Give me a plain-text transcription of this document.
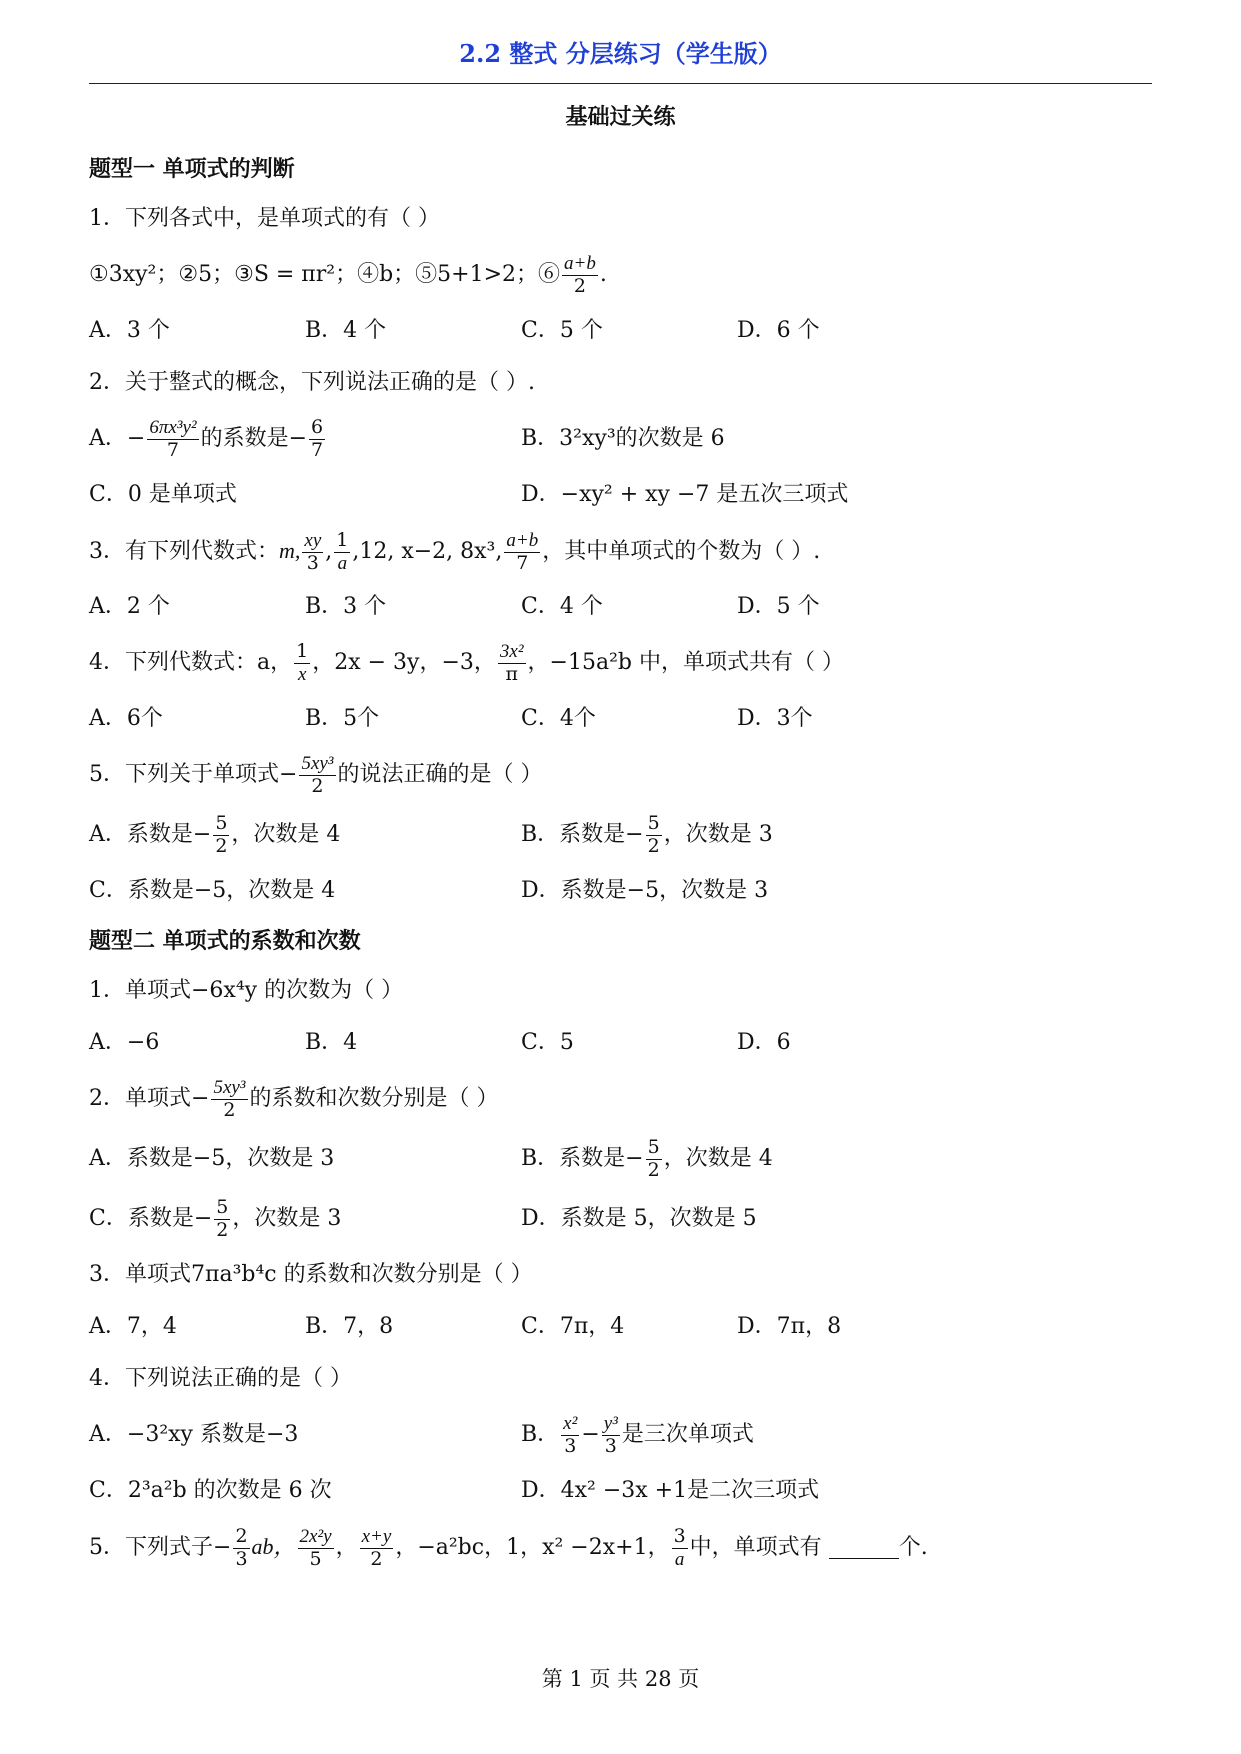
2.2 整式 分层练习（学生版）
基础过关练
题型一 单项式的判断
1．下列各式中，是单项式的有（ ）
①3xy²；②5；③S = πr²；④b；⑤5+1>2；⑥ $\frac{a+b}{2}$ .
A．3 个	B．4 个	C．5 个	D．6 个
2．关于整式的概念，下列说法正确的是（ ）.
A．− $\frac{\text{6πx³y²}}{7}$ 的系数是− $\frac{6}{7}$	B．3²xy³的次数是 6
C．0 是单项式	D．−xy² + xy −7 是五次三项式
3．有下列代数式：m, $\frac{xy}{3}$ , $\frac{1}{a} ,12$, x−2, 8x³, $\frac{a+b}{7}$ ，其中单项式的个数为（ ）.
A．2 个	B．3 个	C．4 个	D．5 个
4．下列代数式：a， $\frac{1}{x}$ ，2x − 3y，−3， $\frac{\text{3x²}}{\pi}$ ，−15a²b 中，单项式共有（ ）
A．6个	B．5个	C．4个	D．3个
5．下列关于单项式− $\frac{\text{5xy³}}{2}$ 的说法正确的是（ ）
A．系数是− $\frac{5}{2}$ ，次数是 4	B．系数是− $\frac{5}{2}$ ，次数是 3
C．系数是−5，次数是 4	D．系数是−5，次数是 3
题型二 单项式的系数和次数
1．单项式−6x⁴y 的次数为（ ）
A．−6	B．4	C．5	D．6
2．单项式− $\frac{\text{5xy³}}{2}$ 的系数和次数分别是（ ）
A．系数是−5，次数是 3	B．系数是− $\frac{5}{2}$ ，次数是 4
C．系数是− $\frac{5}{2}$ ，次数是 3	D．系数是 5，次数是 5
3．单项式7πa³b⁴c 的系数和次数分别是（ ）
A．7，4	B．7，8	C．7π，4	D．7π，8
4．下列说法正确的是（ ）
A．−3²xy 系数是−3	B． $\frac{\text{x²}}{3} - \frac{\text{y³}}{3}$ 是三次单项式
C．2³a²b 的次数是 6 次	D．4x² −3x +1是二次三项式
5．下列式子− $\frac{2}{3}$ ab， $\frac{\text{2x²y}}{5}$ ， $\frac{x+y}{2}$ ，−a²bc，1，x² −2x+1， $\frac{3}{a}$ 中，单项式有	个.
第 1 页 共 28 页
